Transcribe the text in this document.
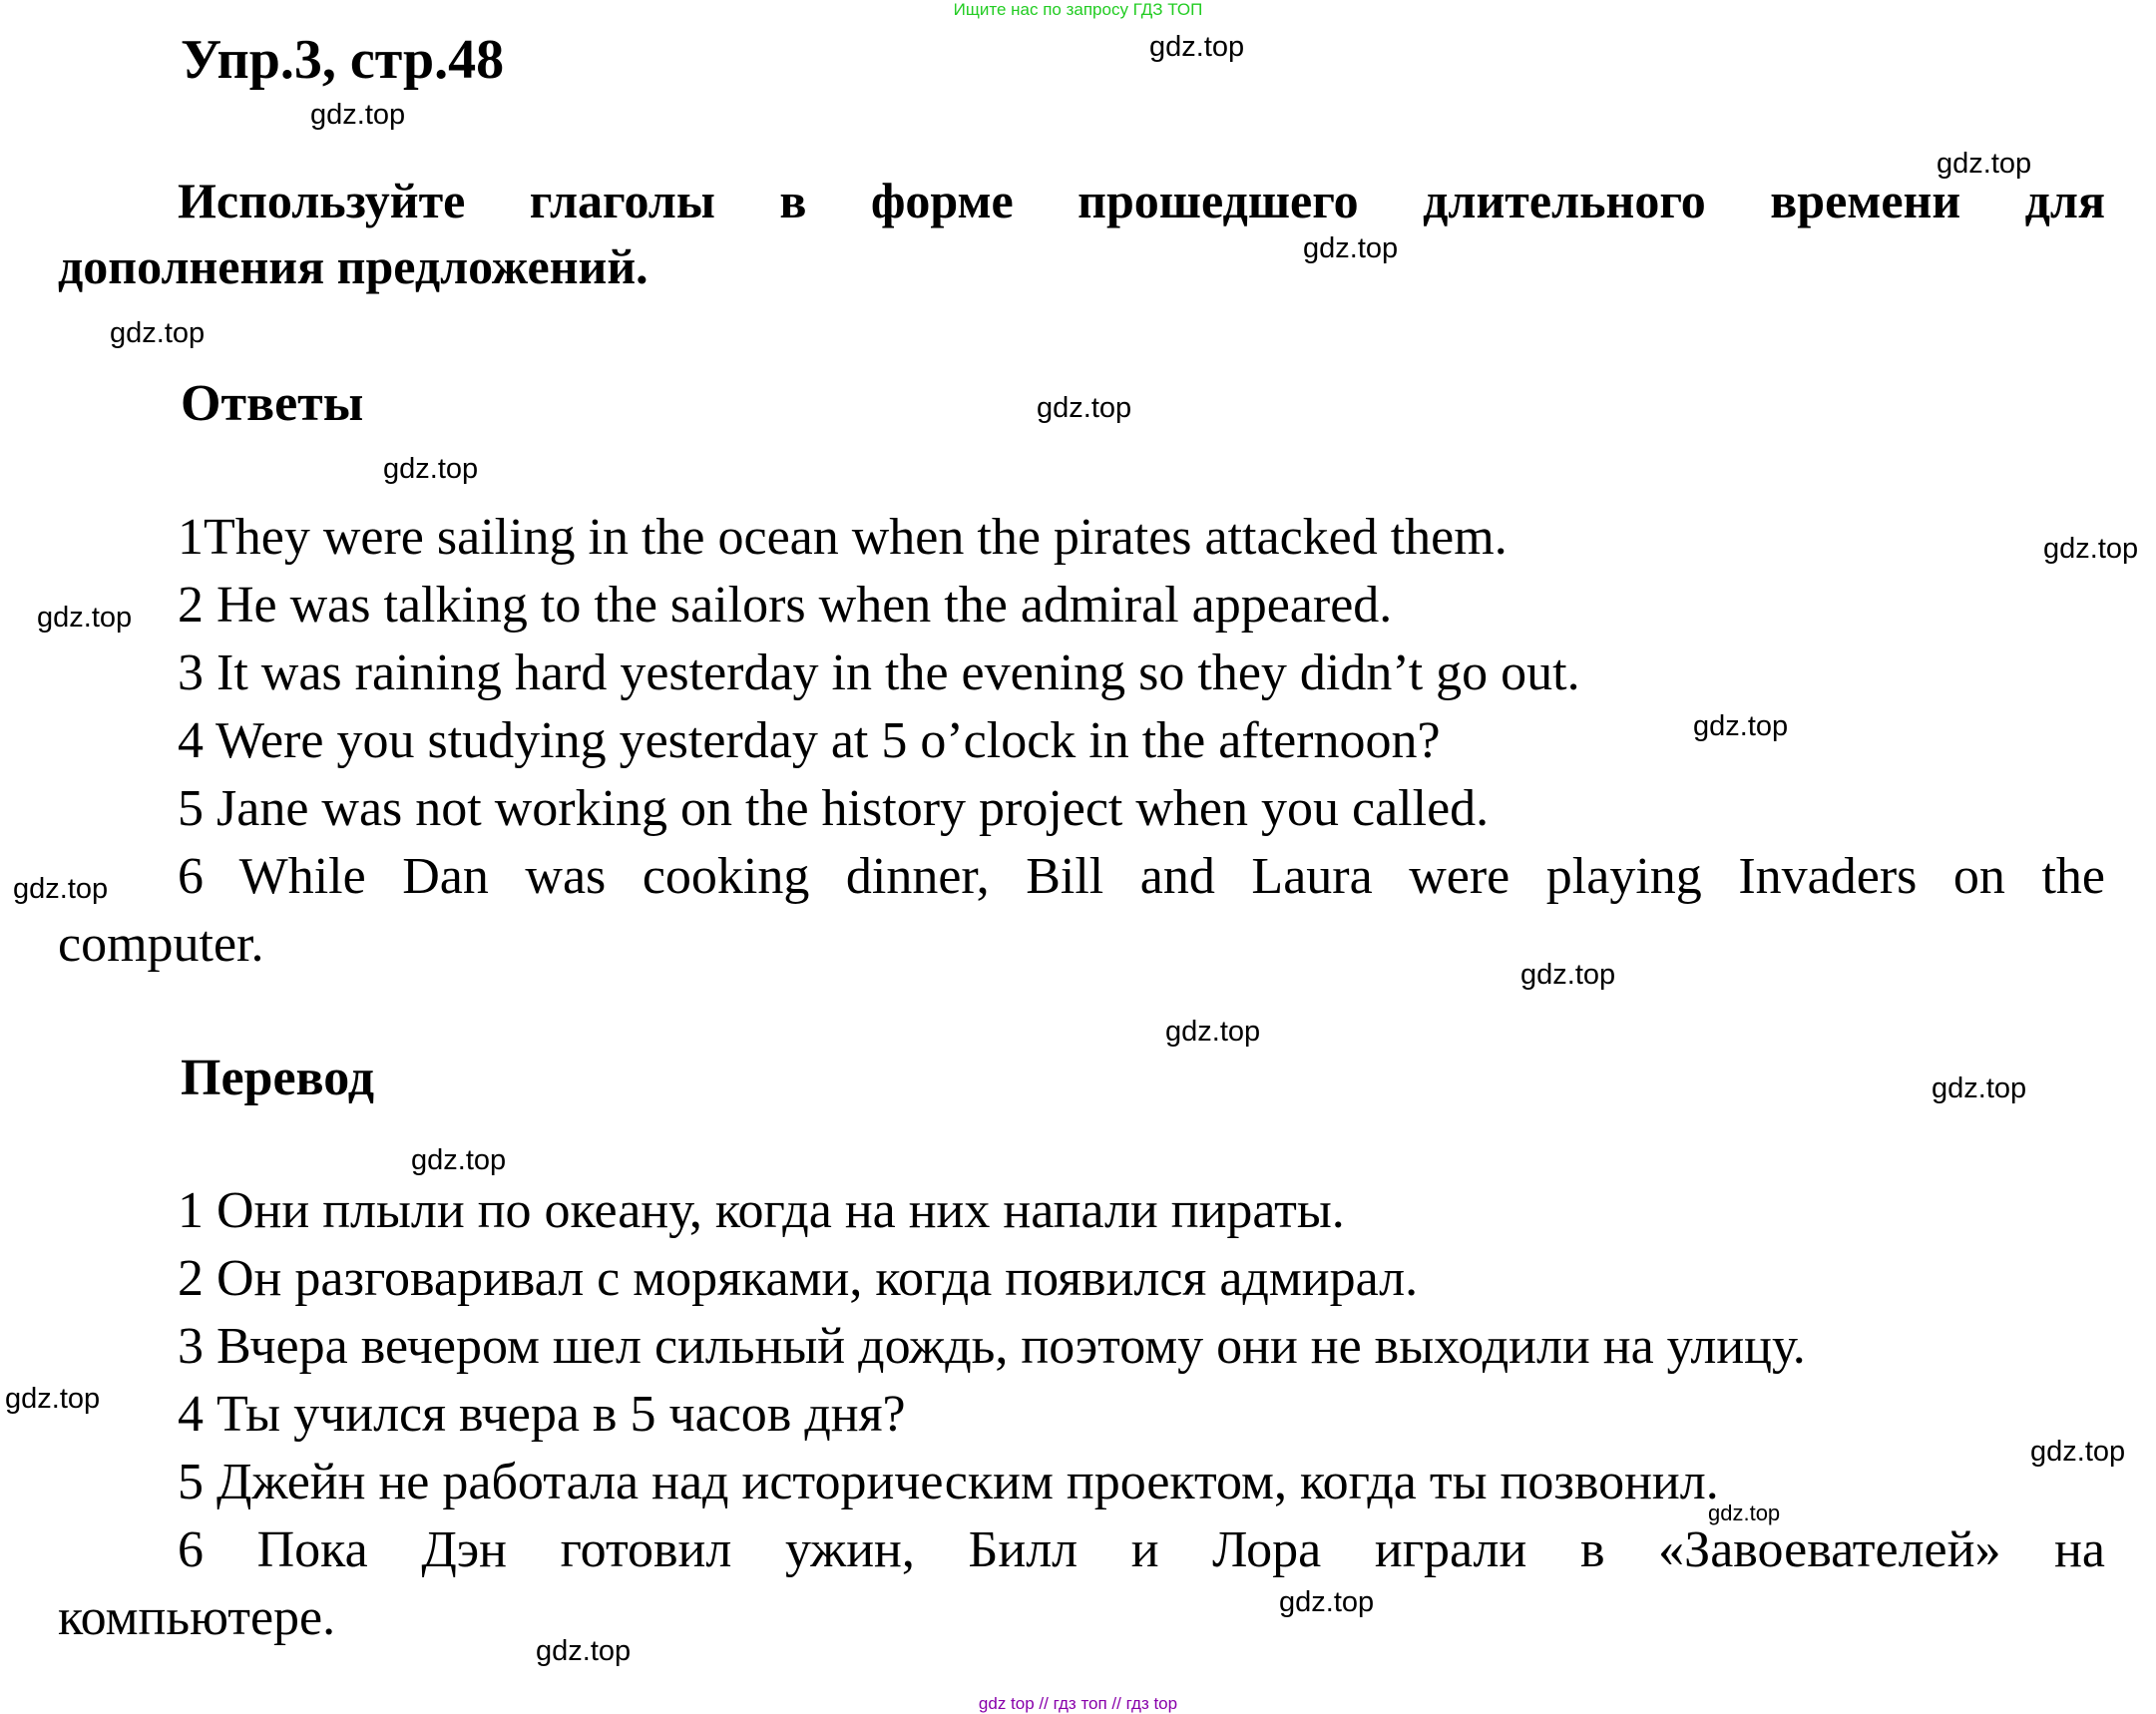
Ищите нас по запросу ГДЗ ТОП
Упр.3, стр.48
Используйте глаголы в форме прошедшего длительного времени для
дополнения предложений.
Ответы
1They were sailing in the ocean when the pirates attacked them.
2 He was talking to the sailors when the admiral appeared.
3 It was raining hard yesterday in the evening so they didn’t go out.
4 Were you studying yesterday at 5 o’clock in the afternoon?
5 Jane was not working on the history project when you called.
6 While Dan was cooking dinner, Bill and Laura were playing Invaders on the
computer.
Перевод
1 Они плыли по океану, когда на них напали пираты.
2 Он разговаривал с моряками, когда появился адмирал.
3 Вчера вечером шел сильный дождь, поэтому они не выходили на улицу.
4 Ты учился вчера в 5 часов дня?
5 Джейн не работала над историческим проектом, когда ты позвонил.
6 Пока Дэн готовил ужин, Билл и Лора играли в «Завоевателей» на
компьютере.
gdz.top
gdz.top
gdz.top
gdz.top
gdz.top
gdz.top
gdz.top
gdz.top
gdz.top
gdz.top
gdz.top
gdz.top
gdz.top
gdz.top
gdz.top
gdz.top
gdz.top
gdz.top
gdz.top
gdz.top
gdz top // гдз топ // гдз top
